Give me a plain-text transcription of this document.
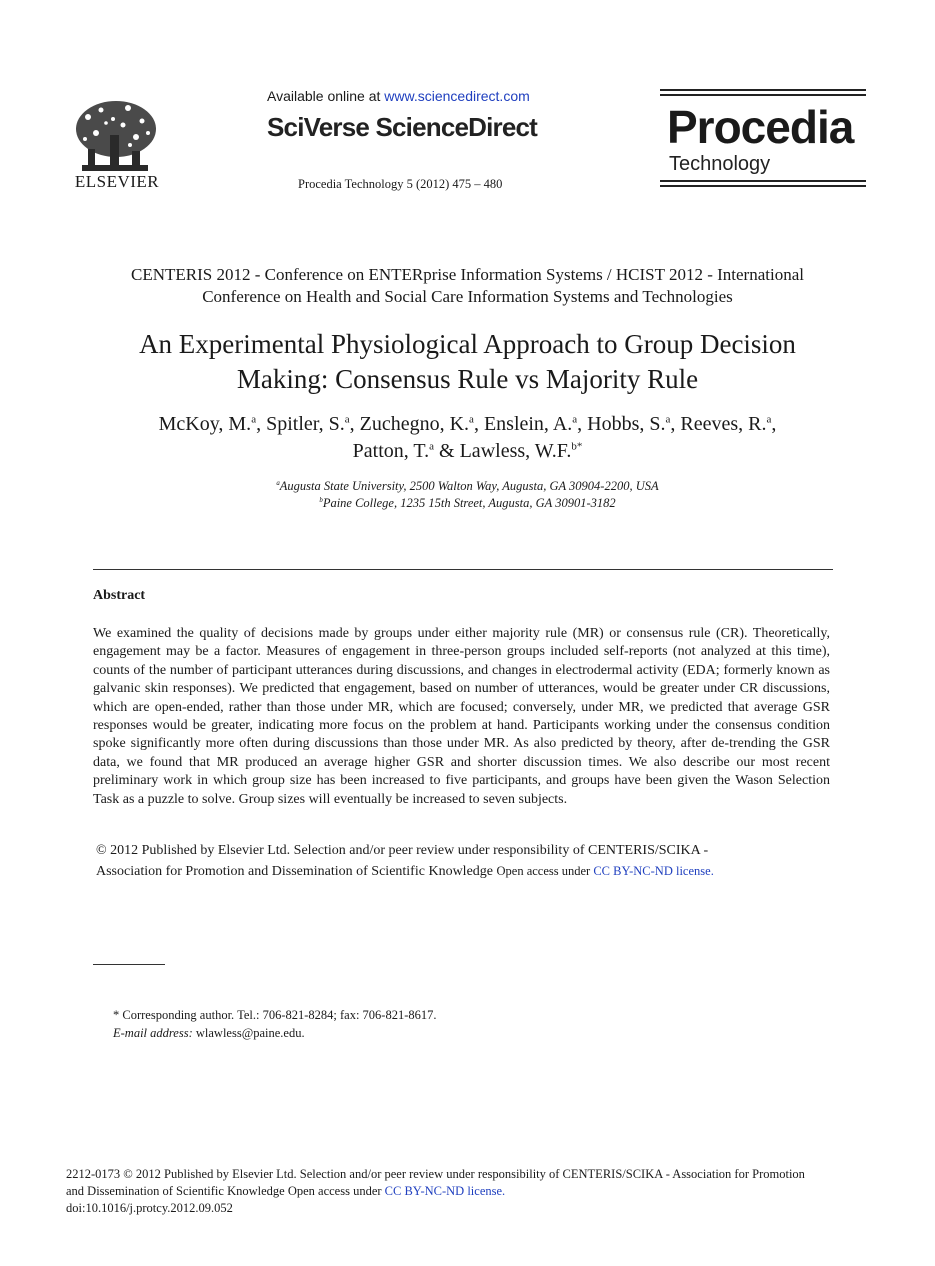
ELSEVIER
Available online at www.sciencedirect.com
SciVerse ScienceDirect
Procedia Technology 5 (2012) 475 – 480
Procedia
Technology
CENTERIS 2012 - Conference on ENTERprise Information Systems / HCIST 2012 - International
Conference on Health and Social Care Information Systems and Technologies
An Experimental Physiological Approach to Group Decision
Making: Consensus Rule vs Majority Rule
McKoy, M.$^a$, Spitler, S.$^a$, Zuchegno, K.$^a$, Enslein, A.$^a$, Hobbs, S.$^a$, Reeves, R.$^a$,
Patton, T.$^a$ & Lawless, W.F.$^{b*}$
$^a$Augusta State University, 2500 Walton Way, Augusta, GA 30904-2200, USA
$^b$Paine College, 1235 15th Street, Augusta, GA 30901-3182
Abstract
We examined the quality of decisions made by groups under either majority rule (MR) or consensus rule (CR). Theoretically, engagement may be a factor. Measures of engagement in three-person groups included self-reports (not analyzed at this time), counts of the number of participant utterances during discussions, and changes in electrodermal activity (EDA; formerly known as galvanic skin responses). We predicted that engagement, based on number of utterances, would be greater under CR discussions, which are open-ended, rather than those under MR, which are focused; conversely, under MR, we predicted that average GSR responses would be greater, indicating more focus on the problem at hand. Participants working under the consensus condition spoke significantly more often during discussions than those under MR. As also predicted by theory, after de-trending the GSR data, we found that MR produced an average higher GSR and shorter discussion times. We also describe our most recent preliminary work in which group size has been increased to five participants, and groups have been given the Wason Selection Task as a puzzle to solve. Group sizes will eventually be increased to seven subjects.
© 2012 Published by Elsevier Ltd. Selection and/or peer review under responsibility of CENTERIS/SCIKA -
Association for Promotion and Dissemination of Scientific Knowledge Open access under CC BY-NC-ND license.
* Corresponding author. Tel.: 706-821-8284; fax: 706-821-8617.
E-mail address: wlawless@paine.edu.
2212-0173 © 2012 Published by Elsevier Ltd. Selection and/or peer review under responsibility of CENTERIS/SCIKA - Association for Promotion
and Dissemination of Scientific Knowledge Open access under CC BY-NC-ND license.
doi:10.1016/j.protcy.2012.09.052
